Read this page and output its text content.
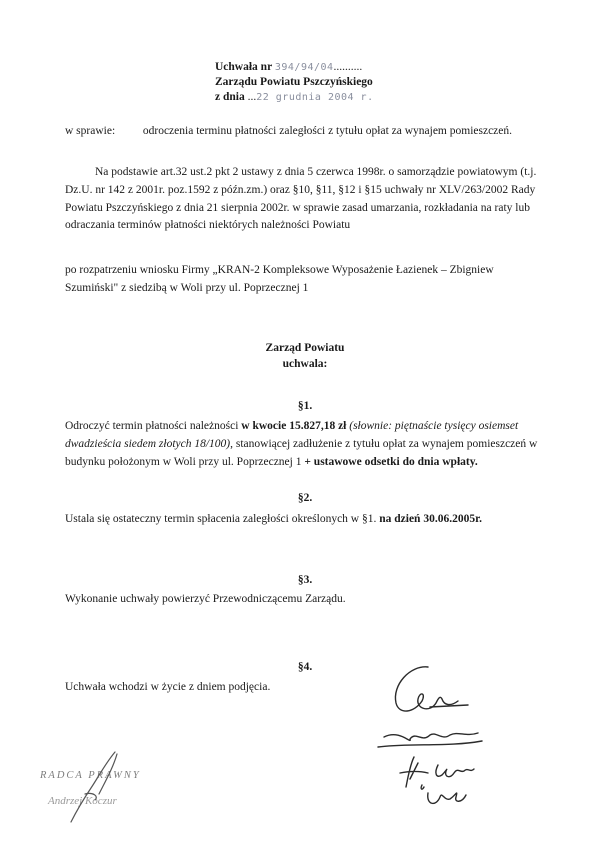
Uchwała nr 394/94/04..........
Zarządu Powiatu Pszczyńskiego
z dnia ...22 grudnia 2004 r.
w sprawie: odroczenia terminu płatności zaległości z tytułu opłat za wynajem pomieszczeń.
Na podstawie art.32 ust.2 pkt 2 ustawy z dnia 5 czerwca 1998r. o samorządzie powiatowym (t.j. Dz.U. nr 142 z 2001r. poz.1592 z późn.zm.) oraz §10, §11, §12 i §15 uchwały nr XLV/263/2002 Rady Powiatu Pszczyńskiego z dnia 21 sierpnia 2002r. w sprawie zasad umarzania, rozkładania na raty lub odraczania terminów płatności niektórych należności Powiatu
po rozpatrzeniu wniosku Firmy „KRAN-2 Kompleksowe Wyposażenie Łazienek – Zbigniew Szumiński" z siedzibą w Woli przy ul. Poprzecznej 1
Zarząd Powiatu
uchwala:
§1.
Odroczyć termin płatności należności w kwocie 15.827,18 zł (słownie: piętnaście tysięcy osiemset dwadzieścia siedem złotych 18/100), stanowiącej zadłużenie z tytułu opłat za wynajem pomieszczeń w budynku położonym w Woli przy ul. Poprzecznej 1 + ustawowe odsetki do dnia wpłaty.
§2.
Ustala się ostateczny termin spłacenia zaległości określonych w §1. na dzień 30.06.2005r.
§3.
Wykonanie uchwały powierzyć Przewodniczącemu Zarządu.
§4.
Uchwała wchodzi w życie z dniem podjęcia.
RADCA PRAWNY
Andrzej Koczur
